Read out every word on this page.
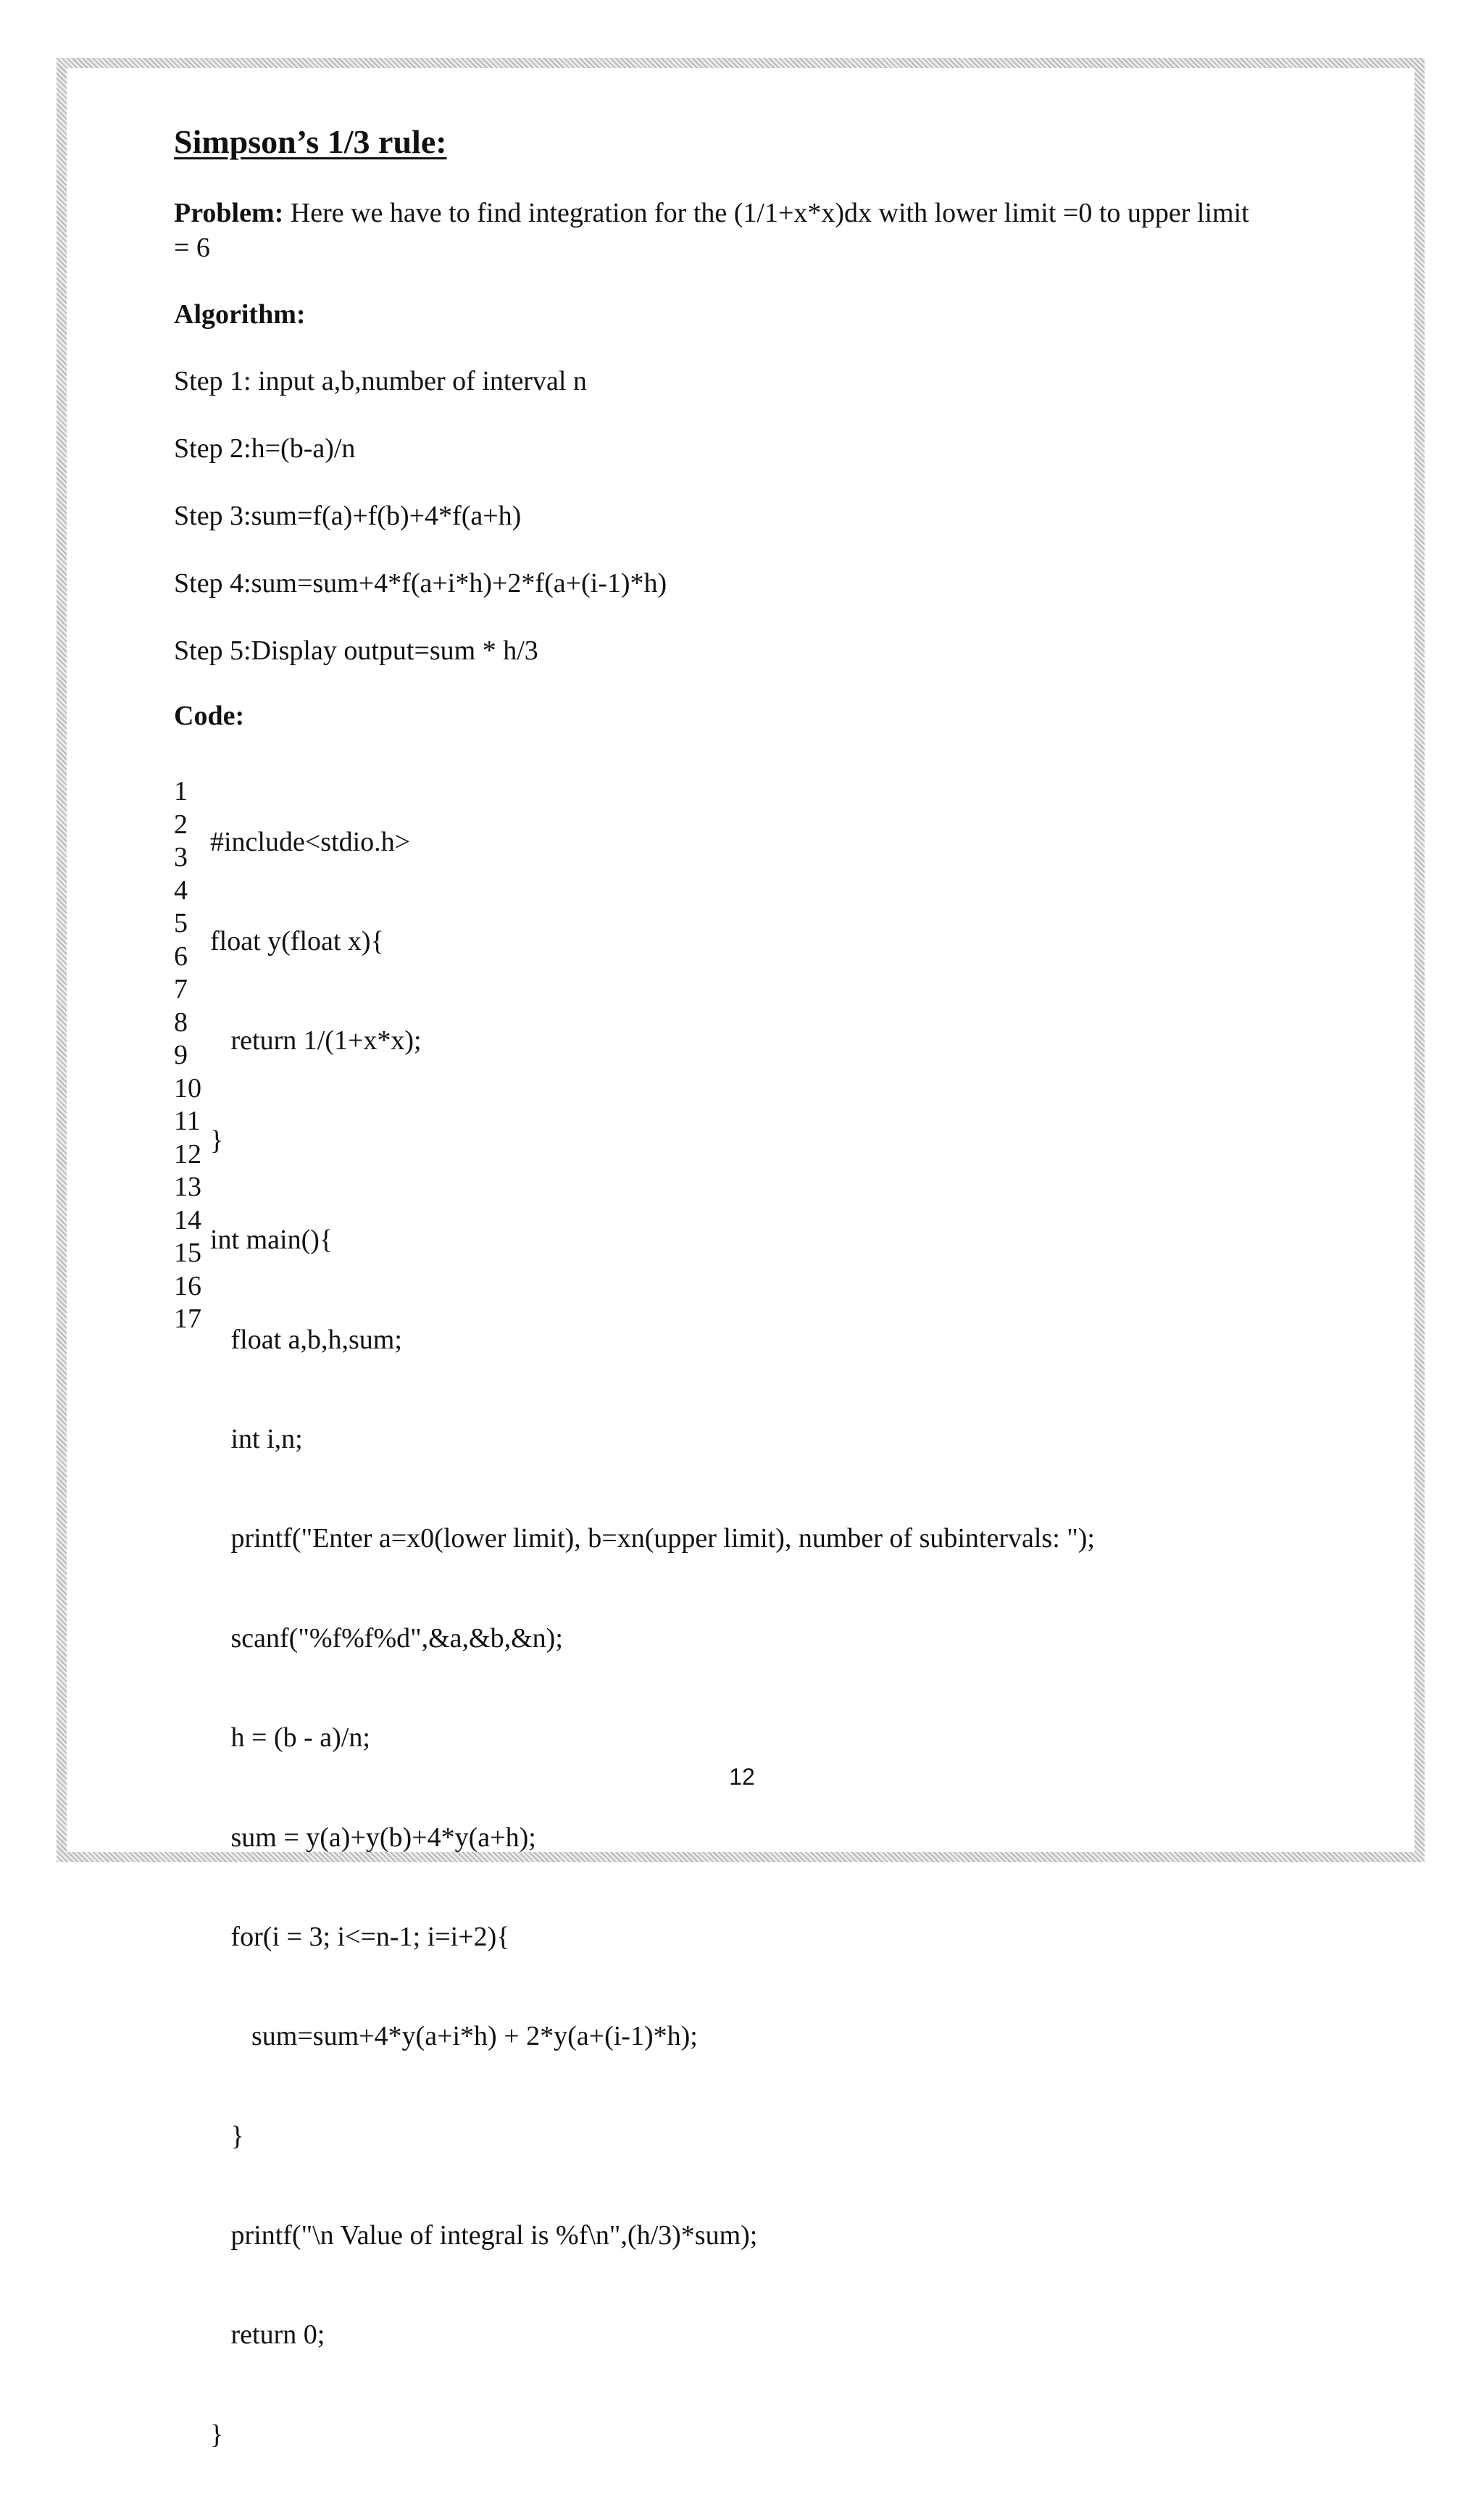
Simpson’s 1/3 rule:
Problem: Here we have to find integration for the (1/1+x*x)dx with lower limit =0 to upper limit = 6
Algorithm:
Step 1: input a,b,number of interval n
Step 2:h=(b-a)/n
Step 3:sum=f(a)+f(b)+4*f(a+h)
Step 4:sum=sum+4*f(a+i*h)+2*f(a+(i-1)*h)
Step 5:Display output=sum * h/3
Code:
1
2
3
4
5
6
7
8
9
10
11
12
13
14
15
16
17

#include<stdio.h>

float y(float x){

return 1/(1+x*x);

}

int main(){

float a,b,h,sum;

int i,n;

printf("Enter a=x0(lower limit), b=xn(upper limit), number of subintervals: ");

scanf("%f%f%d",&a,&b,&n);

h = (b - a)/n;

sum = y(a)+y(b)+4*y(a+h);

for(i = 3; i<=n-1; i=i+2){

sum=sum+4*y(a+i*h) + 2*y(a+(i-1)*h);

}

printf("\n Value of integral is %f\n",(h/3)*sum);

return 0;

}

12
